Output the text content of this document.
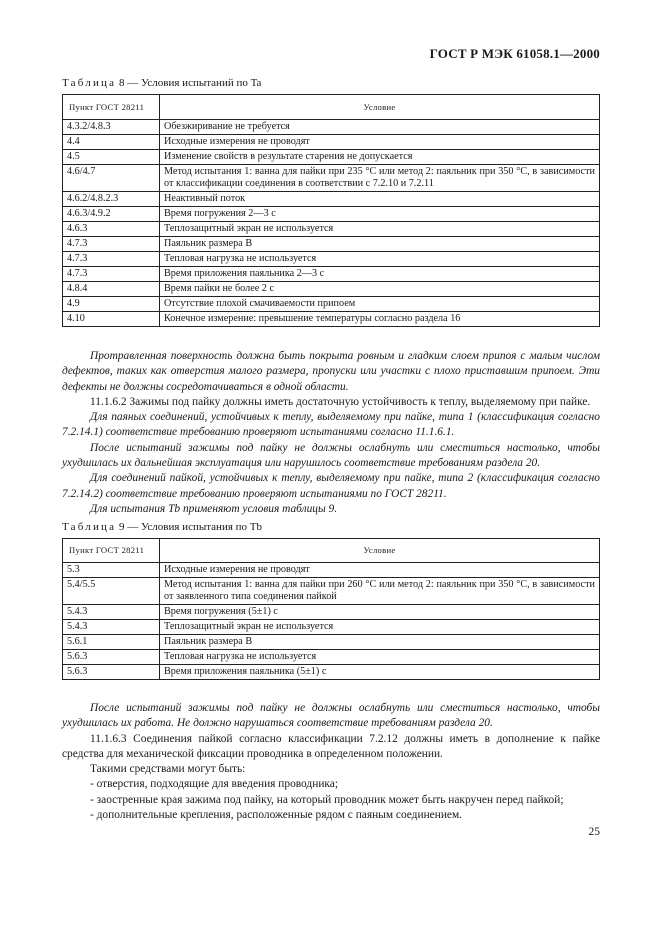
ГОСТ Р МЭК 61058.1—2000
Таблица 8 — Условия испытаний по Ta
Пункт ГОСТ 28211	Условие
4.3.2/4.8.3	Обезжиривание не требуется
4.4	Исходные измерения не проводят
4.5	Изменение свойств в результате старения не допускается
4.6/4.7	Метод испытания 1: ванна для пайки при 235 °С или метод 2: паяльник при 350 °С, в зависимости от классификации соединения в соответствии с 7.2.10 и 7.2.11
4.6.2/4.8.2.3	Неактивный поток
4.6.3/4.9.2	Время погружения 2—3 с
4.6.3	Теплозащитный экран не используется
4.7.3	Паяльник размера В
4.7.3	Тепловая нагрузка не используется
4.7.3	Время приложения паяльника 2—3 с
4.8.4	Время пайки не более 2 с
4.9	Отсутствие плохой смачиваемости припоем
4.10	Конечное измерение: превышение температуры согласно раздела 16

Протравленная поверхность должна быть покрыта ровным и гладким слоем припоя с малым числом дефектов, таких как отверстия малого размера, пропуски или участки с плохо приставшим припоем. Эти дефекты не должны сосредотачиваться в одной области.

11.1.6.2 Зажимы под пайку должны иметь достаточную устойчивость к теплу, выделяемому при пайке.

Для паяных соединений, устойчивых к теплу, выделяемому при пайке, типа 1 (классификация согласно 7.2.14.1) соответствие требованию проверяют испытаниями согласно 11.1.6.1.

После испытаний зажимы под пайку не должны ослабнуть или сместиться настолько, чтобы ухудшилась их дальнейшая эксплуатация или нарушилось соответствие требованиям раздела 20.

Для соединений пайкой, устойчивых к теплу, выделяемому при пайке, типа 2 (классификация согласно 7.2.14.2) соответствие требованию проверяют испытаниями по ГОСТ 28211.

Для испытания Tb применяют условия таблицы 9.

Таблица 9 — Условия испытания по Tb
Пункт ГОСТ 28211	Условие
5.3	Исходные измерения не проводят
5.4/5.5	Метод испытания 1: ванна для пайки при 260 °С или метод 2: паяльник при 350 °С, в зависимости от заявленного типа соединения пайкой
5.4.3	Время погружения (5±1) с
5.4.3	Теплозащитный экран не используется
5.6.1	Паяльник размера В
5.6.3	Тепловая нагрузка не используется
5.6.3	Время приложения паяльника (5±1) с

После испытаний зажимы под пайку не должны ослабнуть или сместиться настолько, чтобы ухудшилась их работа. Не должно нарушаться соответствие требованиям раздела 20.

11.1.6.3 Соединения пайкой согласно классификации 7.2.12 должны иметь в дополнение к пайке средства для механической фиксации проводника в определенном положении.

Такими средствами могут быть:

- отверстия, подходящие для введения проводника;

- заостренные края зажима под пайку, на который проводник может быть накручен перед пайкой;

- дополнительные крепления, расположенные рядом с паяным соединением.

25
